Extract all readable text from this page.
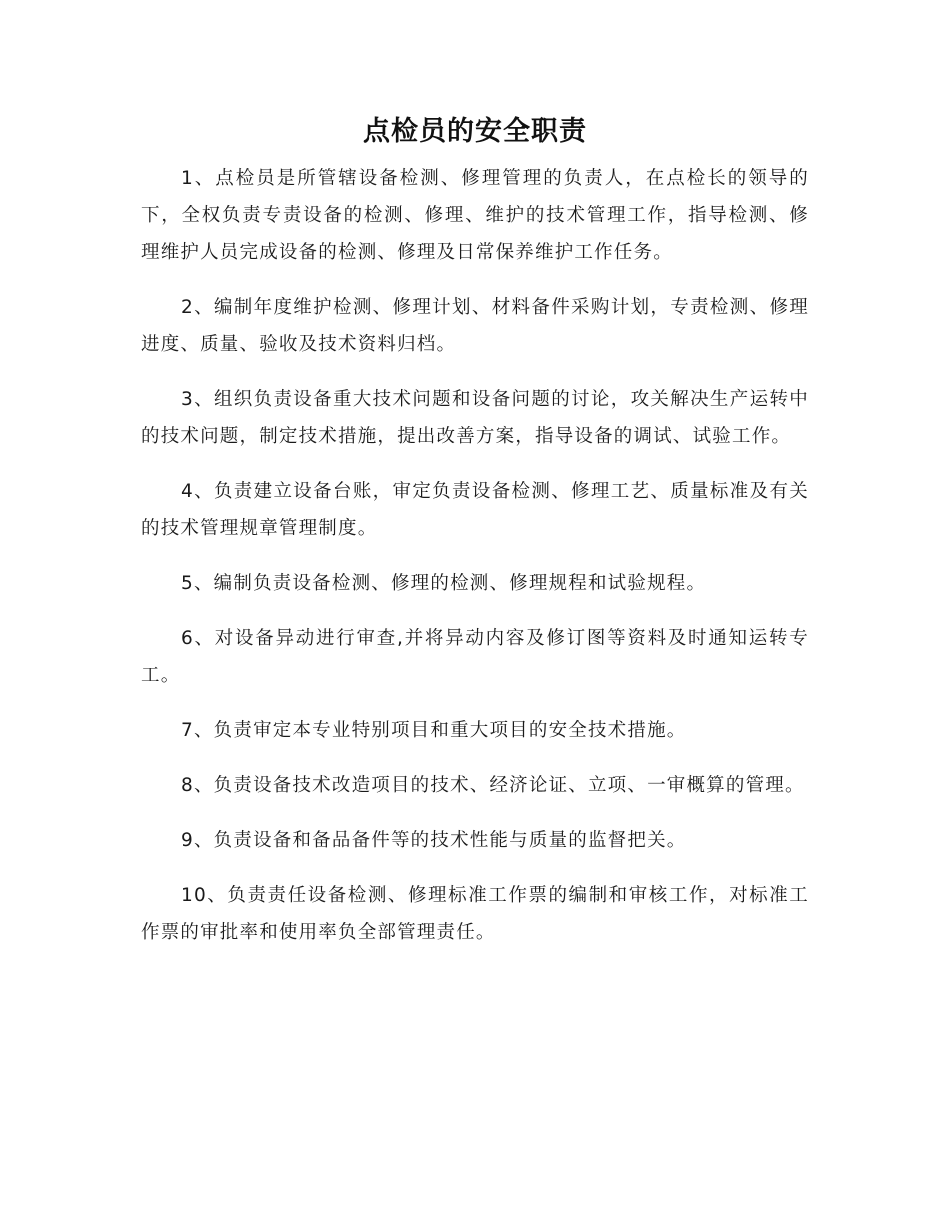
点检员的安全职责

1、点检员是所管辖设备检测、修理管理的负责人，在点检长的领导的下，全权负责专责设备的检测、修理、维护的技术管理工作，指导检测、修理维护人员完成设备的检测、修理及日常保养维护工作任务。

2、编制年度维护检测、修理计划、材料备件采购计划，专责检测、修理进度、质量、验收及技术资料归档。

3、组织负责设备重大技术问题和设备问题的讨论，攻关解决生产运转中的技术问题，制定技术措施，提出改善方案，指导设备的调试、试验工作。

4、负责建立设备台账，审定负责设备检测、修理工艺、质量标准及有关的技术管理规章管理制度。

5、编制负责设备检测、修理的检测、修理规程和试验规程。

6、对设备异动进行审查,并将异动内容及修订图等资料及时通知运转专工。

7、负责审定本专业特别项目和重大项目的安全技术措施。

8、负责设备技术改造项目的技术、经济论证、立项、一审概算的管理。

9、负责设备和备品备件等的技术性能与质量的监督把关。

10、负责责任设备检测、修理标准工作票的编制和审核工作，对标准工作票的审批率和使用率负全部管理责任。
